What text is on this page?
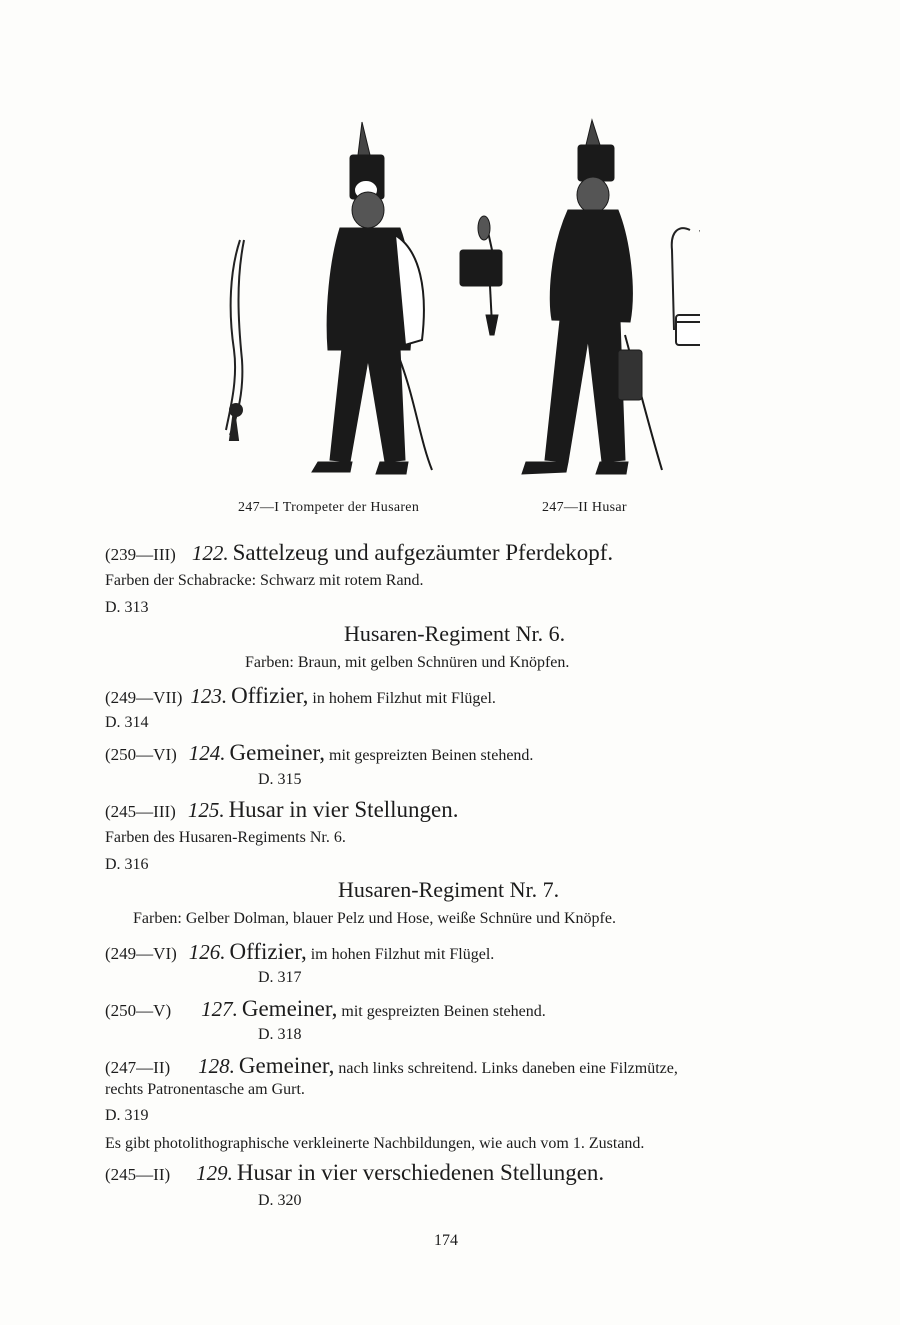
247—I Trompeter der Husaren	247—II Husar
(239—III) 122. Sattelzeug und aufgezäumter Pferdekopf.
Farben der Schabracke: Schwarz mit rotem Rand.
D. 313
Husaren-Regiment Nr. 6.
Farben: Braun, mit gelben Schnüren und Knöpfen.
(249—VII) 123. Offizier, in hohem Filzhut mit Flügel.
D. 314
(250—VI) 124. Gemeiner, mit gespreizten Beinen stehend.
D. 315
(245—III) 125. Husar in vier Stellungen.
Farben des Husaren-Regiments Nr. 6.
D. 316
Husaren-Regiment Nr. 7.
Farben: Gelber Dolman, blauer Pelz und Hose, weiße Schnüre und Knöpfe.
(249—VI) 126. Offizier, im hohen Filzhut mit Flügel.
D. 317
(250—V) 127. Gemeiner, mit gespreizten Beinen stehend.
D. 318
(247—II) 128. Gemeiner, nach links schreitend. Links daneben eine Filzmütze,
rechts Patronentasche am Gurt.
D. 319
Es gibt photolithographische verkleinerte Nachbildungen, wie auch vom 1. Zustand.
(245—II) 129. Husar in vier verschiedenen Stellungen.
D. 320
174
